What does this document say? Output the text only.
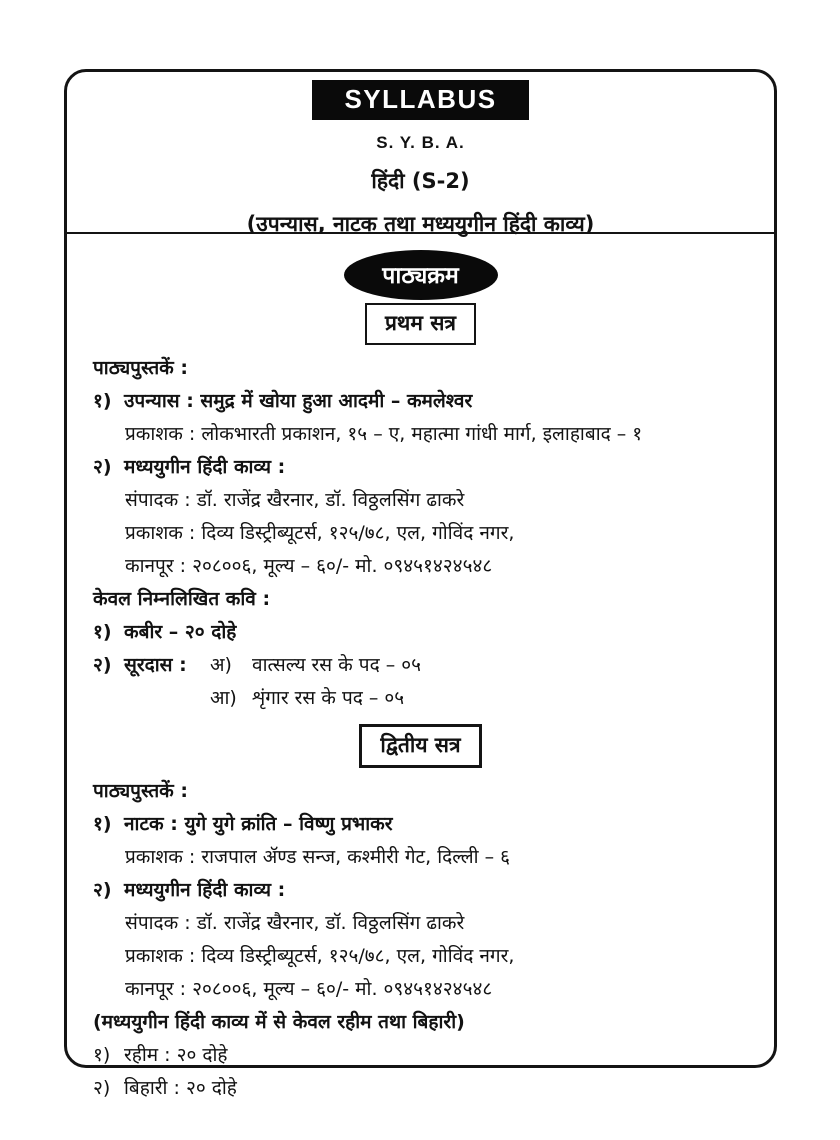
SYLLABUS
S. Y. B. A.
हिंदी (S-2)
(उपन्यास, नाटक तथा मध्ययुगीन हिंदी काव्य)
पाठ्यक्रम
प्रथम सत्र
पाठ्यपुस्तकें :
१) उपन्यास : समुद्र में खोया हुआ आदमी – कमलेश्वर
प्रकाशक : लोकभारती प्रकाशन, १५ – ए, महात्मा गांधी मार्ग, इलाहाबाद – १
२) मध्ययुगीन हिंदी काव्य :
संपादक : डॉ. राजेंद्र खैरनार, डॉ. विठ्ठलसिंग ढाकरे
प्रकाशक : दिव्य डिस्ट्रीब्यूटर्स, १२५/७८, एल, गोविंद नगर,
कानपूर : २०८००६, मूल्य – ६०/- मो. ०९४५१४२४५४८
केवल निम्नलिखित कवि :
१) कबीर – २० दोहे
२) सूरदास :	अ)	वात्सल्य रस के पद – ०५
आ) शृंगार रस के पद – ०५
द्वितीय सत्र
पाठ्यपुस्तकें :
१) नाटक : युगे युगे क्रांति – विष्णु प्रभाकर
प्रकाशक : राजपाल ॲण्ड सन्ज, कश्मीरी गेट, दिल्ली – ६
२) मध्ययुगीन हिंदी काव्य :
संपादक : डॉ. राजेंद्र खैरनार, डॉ. विठ्ठलसिंग ढाकरे
प्रकाशक : दिव्य डिस्ट्रीब्यूटर्स, १२५/७८, एल, गोविंद नगर,
कानपूर : २०८००६, मूल्य – ६०/- मो. ०९४५१४२४५४८
(मध्ययुगीन हिंदी काव्य में से केवल रहीम तथा बिहारी)
१) रहीम : २० दोहे
२) बिहारी : २० दोहे
